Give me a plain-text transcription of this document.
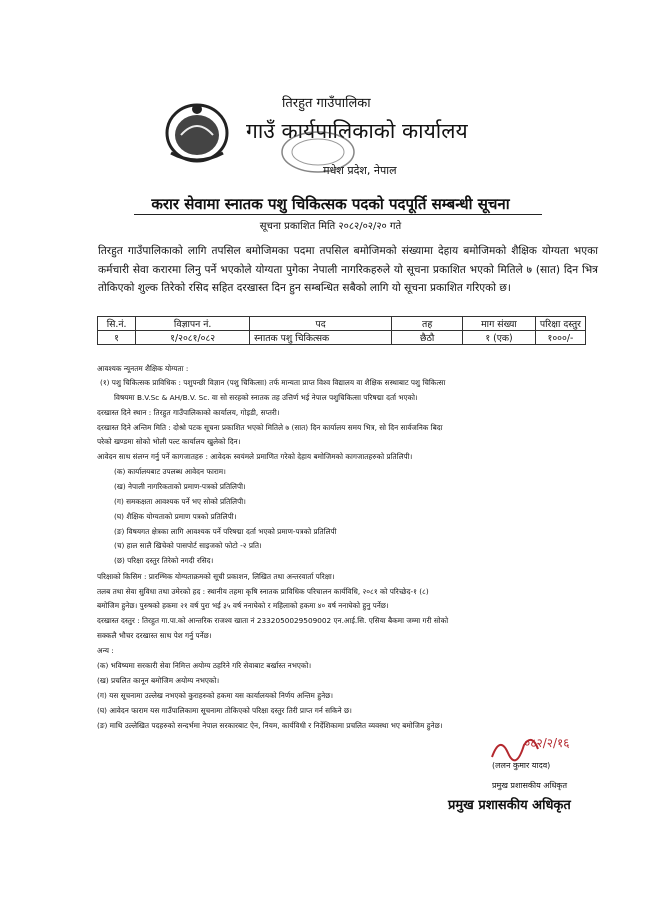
तिरहुत गाउँपालिका
गाउँ कार्यपालिकाको कार्यालय
मधेश प्रदेश, नेपाल
करार सेवामा स्नातक पशु चिकित्सक पदको पदपूर्ति सम्बन्धी सूचना
सूचना प्रकाशित मिति २०८२/०२/२० गते
तिरहुत गाउँपालिकाको लागि तपसिल बमोजिमका पदमा तपसिल बमोजिमको संख्यामा देहाय बमोजिमको शैक्षिक योग्यता भएका कर्मचारी सेवा करारमा लिनु पर्ने भएकोले योग्यता पुगेका नेपाली नागरिकहरुले यो सूचना प्रकाशित भएको मितिले ७ (सात) दिन भित्र तोकिएको शुल्क तिरेको रसिद सहित दरखास्त दिन हुन सम्बन्धित सबैको लागि यो सूचना प्रकाशित गरिएको छ।
सि.नं.	विज्ञापन नं.	पद	तह	माग संख्या	परिक्षा दस्तुर
१	१/२०८१/०८२	स्नातक पशु चिकित्सक	छैठौ	१ (एक)	१०००/-
आवश्यक न्यूनतम शैक्षिक योग्यता :
(१) पशु चिकित्सक प्राविधिक : पशुपन्छी विज्ञान (पशु चिकित्सा) तर्फ मान्यता प्राप्त विश्व विद्यालय वा शैक्षिक सस्थाबाट पशु चिकित्सा
विषयमा B.V.Sc & AH/B.V. Sc. वा सो सरहको स्नातक तह उत्तिर्ण भई नेपाल पशुचिकित्सा परिषद्मा दर्ता भएको।
दरखास्त दिने स्थान : तिरहुत गाउँपालिकाको कार्यालय, गोइडी, सप्तरी।
दरखास्त दिने अन्तिम मिति : दोश्रो पटक सूचना प्रकाशित भएको मितिले ७ (सात) दिन कार्यालय समय भित्र, सो दिन सार्वजनिक बिदा
परेको खण्डमा सोको भोली पल्ट कार्यालय खुलेको दिन।
आवेदन साथ संलग्न गर्नु पर्ने कागजातहरु : आवेदक स्वयंमले प्रमाणित गरेको देहाय बमोजिमको कागजातहरुको प्रतिलिपी।
(क) कार्यालयबाट उपलब्ध आवेदन फाराम।
(ख) नेपाली नागरिकताको प्रमाण-पत्रको प्रतिलिपी।
(ग) समकक्षता आवश्यक पर्ने भए सोको प्रतिलिपी।
(घ) शैक्षिक योग्यताको प्रमाण पत्रको प्रतिलिपी।
(ङ) विषयगत क्षेत्रका लागि आवश्यक पर्ने परिषद्मा दर्ता भएको प्रमाण-पत्रको प्रतिलिपी
(च) हाल सालै खिचेको पासपोर्ट साइजको फोटो -२ प्रति।
(छ) परिक्षा दस्तुर तिरेको नगदी रसिद।
परिक्षाको किसिम : प्रारम्भिक योग्यताक्रमको सूची प्रकाशन, लिखित तथा अन्तरवार्ता परिक्षा।
तलब तथा सेवा सुविधा तथा उमेरको हद : स्थानीय तहमा कृषि स्नातक प्राविधिक परिचालन कार्यविधि, २०८१ को परिच्छेद-१ (८)
बमोजिम हुनेछ। पुरुषको हकमा २१ वर्ष पुरा भई ३५ वर्ष ननाघेको र महिलाको हकमा ४० वर्ष ननाघेको हुनु पर्नेछ।
दरखास्त दस्तुर : तिरहुत गा.पा.को आन्तरिक राजश्व खाता नं 2332050029509002 एन.आई.सि. एसिया बैकमा जम्मा गरी सोको
सक्कलै भौचर दरखास्त साथ पेश गर्नु पर्नेछ।
अन्य :
(क) भविष्यमा सरकारी सेवा निमित्त अयोग्य ठहरिने गरि सेवाबाट बर्खास्त नभएको।
(ख) प्रचलित कानून बमोजिम अयोग्य नभएको।
(ग) यस सूचनामा उल्लेख नभएको कुराहरुको हकमा यस कार्यालयको निर्णय अन्तिम हुनेछ।
(घ) आवेदन फाराम यस गाउँपालिकामा सूचनामा तोकिएको परिक्षा दस्तुर तिरी प्राप्त गर्न सकिने छ।
(ङ) माथि उल्लेखित पदहरुको सन्दर्भमा नेपाल सरकारबाट ऐन, नियम, कार्यविधी र निर्देशिकामा प्रचलित व्यवस्था भए बमोजिम हुनेछ।
०८२/२/१६
(ललन कुमार यादव)
प्रमुख प्रशासकीय अधिकृत
प्रमुख प्रशासकीय अधिकृत
